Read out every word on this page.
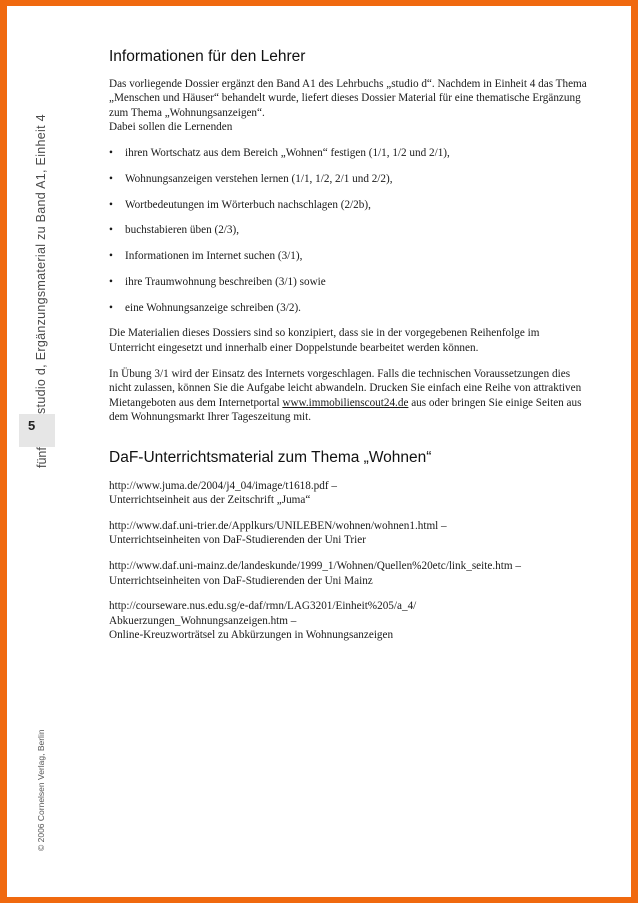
studio d, Ergänzungsmaterial zu Band A1, Einheit 4
5
fünf
© 2006 Cornelsen Verlag, Berlin
Informationen für den Lehrer

Das vorliegende Dossier ergänzt den Band A1 des Lehrbuchs „studio d“. Nachdem in Einheit 4 das Thema „Menschen und Häuser“ behandelt wurde, liefert dieses Dossier Material für eine thematische Ergänzung zum Thema „Wohnungsanzeigen“.
Dabei sollen die Lernenden

• ihren Wortschatz aus dem Bereich „Wohnen“ festigen (1/1, 1/2 und 2/1),
• Wohnungsanzeigen verstehen lernen (1/1, 1/2, 2/1 und 2/2),
• Wortbedeutungen im Wörterbuch nachschlagen (2/2b),
• buchstabieren üben (2/3),
• Informationen im Internet suchen (3/1),
• ihre Traumwohnung beschreiben (3/1) sowie
• eine Wohnungsanzeige schreiben (3/2).

Die Materialien dieses Dossiers sind so konzipiert, dass sie in der vorgegebenen Reihenfolge im Unterricht eingesetzt und innerhalb einer Doppelstunde bearbeitet werden können.

In Übung 3/1 wird der Einsatz des Internets vorgeschlagen. Falls die technischen Voraussetzungen dies nicht zulassen, können Sie die Aufgabe leicht abwandeln. Drucken Sie einfach eine Reihe von attraktiven Mietangeboten aus dem Internetportal www.immobilienscout24.de aus oder bringen Sie einige Seiten aus dem Wohnungsmarkt Ihrer Tageszeitung mit.

DaF-Unterrichtsmaterial zum Thema „Wohnen“
http://www.juma.de/2004/j4_04/image/t1618.pdf –
Unterrichtseinheit aus der Zeitschrift „Juma“
http://www.daf.uni-trier.de/Applkurs/UNILEBEN/wohnen/wohnen1.html –
Unterrichtseinheiten von DaF-Studierenden der Uni Trier
http://www.daf.uni-mainz.de/landeskunde/1999_1/Wohnen/Quellen%20etc/link_seite.htm –
Unterrichtseinheiten von DaF-Studierenden der Uni Mainz
http://courseware.nus.edu.sg/e-daf/rmn/LAG3201/Einheit%205/a_4/ Abkuerzungen_Wohnungsanzeigen.htm –
Online-Kreuzworträtsel zu Abkürzungen in Wohnungsanzeigen
